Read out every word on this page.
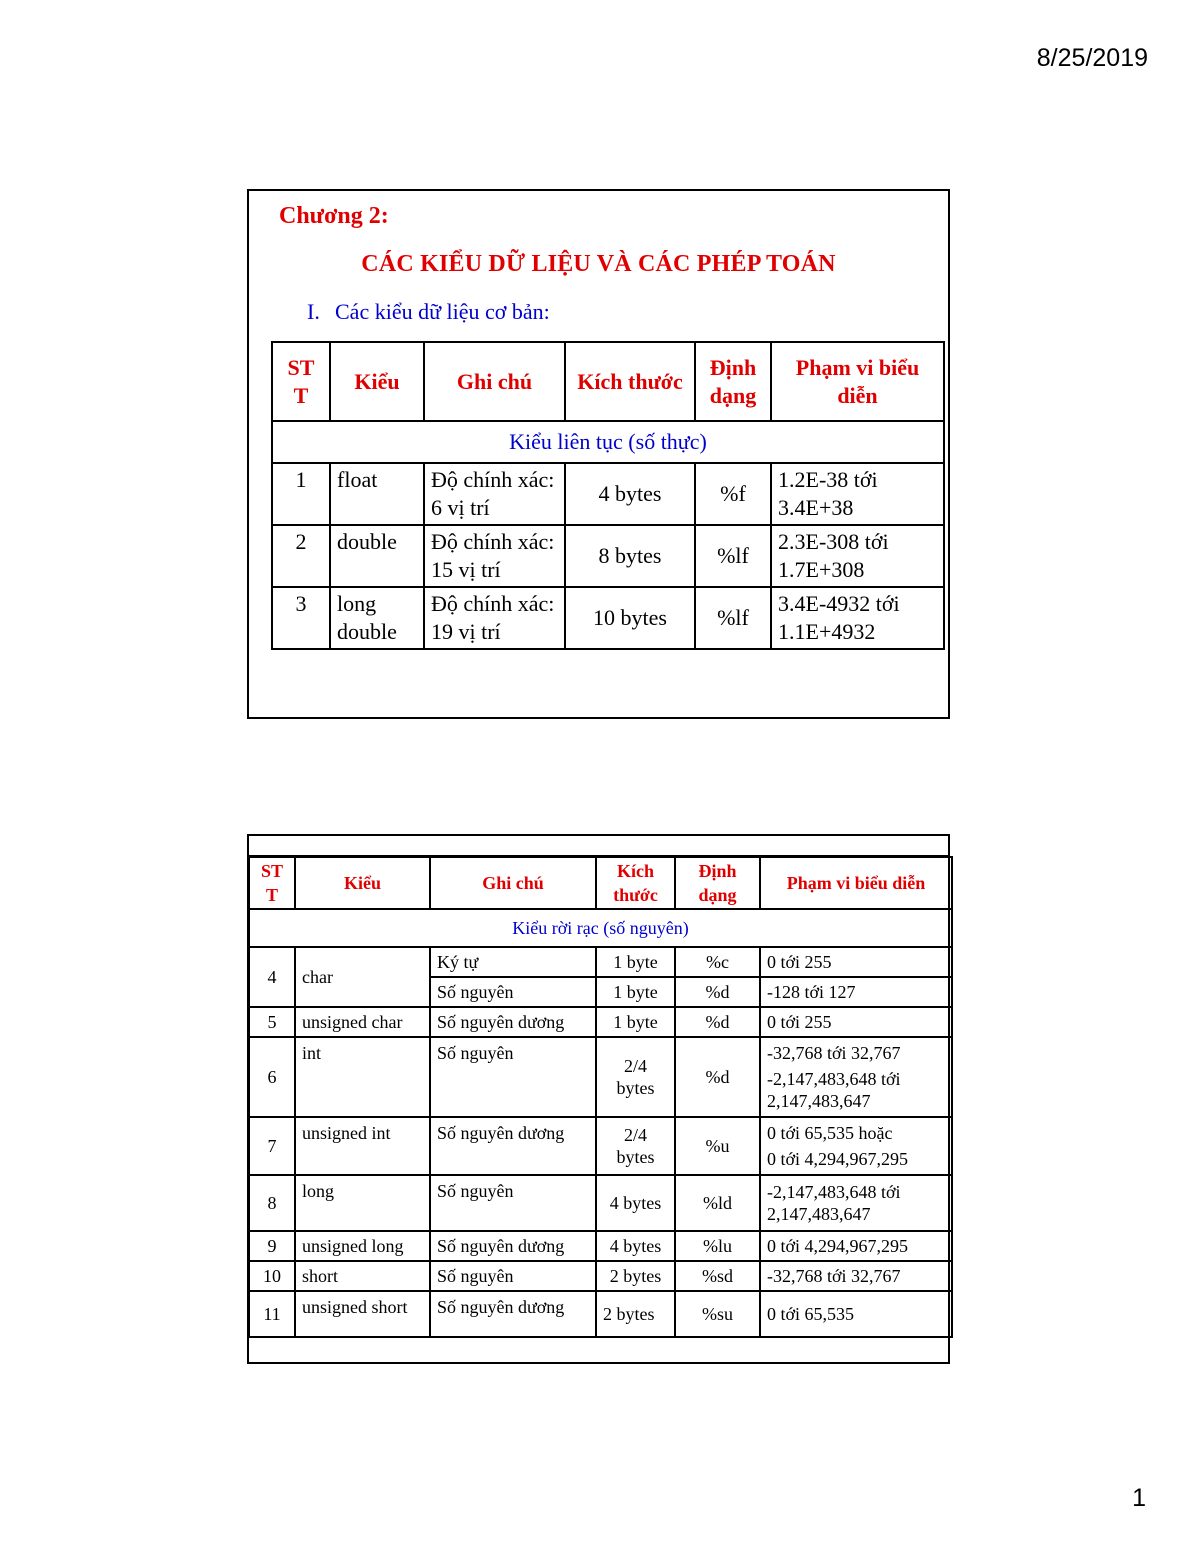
8/25/2019
Chương 2:
CÁC KIỂU DỮ LIỆU VÀ CÁC PHÉP TOÁN
I. Các kiểu dữ liệu cơ bản:
ST T	Kiểu	Ghi chú	Kích thước	Định dạng	Phạm vi biểu diễn
Kiểu liên tục (số thực)					
1	float	Độ chính xác: 6 vị trí	4 bytes	%f	1.2E-38 tới 3.4E+38
2	double	Độ chính xác: 15 vị trí	8 bytes	%lf	2.3E-308 tới 1.7E+308
3	long double	Độ chính xác: 19 vị trí	10 bytes	%lf	3.4E-4932 tới 1.1E+4932
ST T	Kiểu	Ghi chú	Kích thước	Định dạng	Phạm vi biểu diễn
Kiểu rời rạc (số nguyên)					
4	char	Ký tự	1 byte	%c	0 tới 255
		Số nguyên	1 byte	%d	-128 tới 127
5	unsigned char	Số nguyên dương	1 byte	%d	0 tới 255
6	int	Số nguyên	2/4 bytes	%d	-32,768 tới 32,767
-2,147,483,648 tới 2,147,483,647

7	unsigned int	Số nguyên dương	2/4 bytes	%u	0 tới 65,535 hoặc
0 tới 4,294,967,295

8	long	Số nguyên	4 bytes	%ld	-2,147,483,648 tới 2,147,483,647
9	unsigned long	Số nguyên dương	4 bytes	%lu	0 tới 4,294,967,295
10	short	Số nguyên	2 bytes	%sd	-32,768 tới 32,767
11	unsigned short	Số nguyên dương	2 bytes	%su	0 tới 65,535
1
